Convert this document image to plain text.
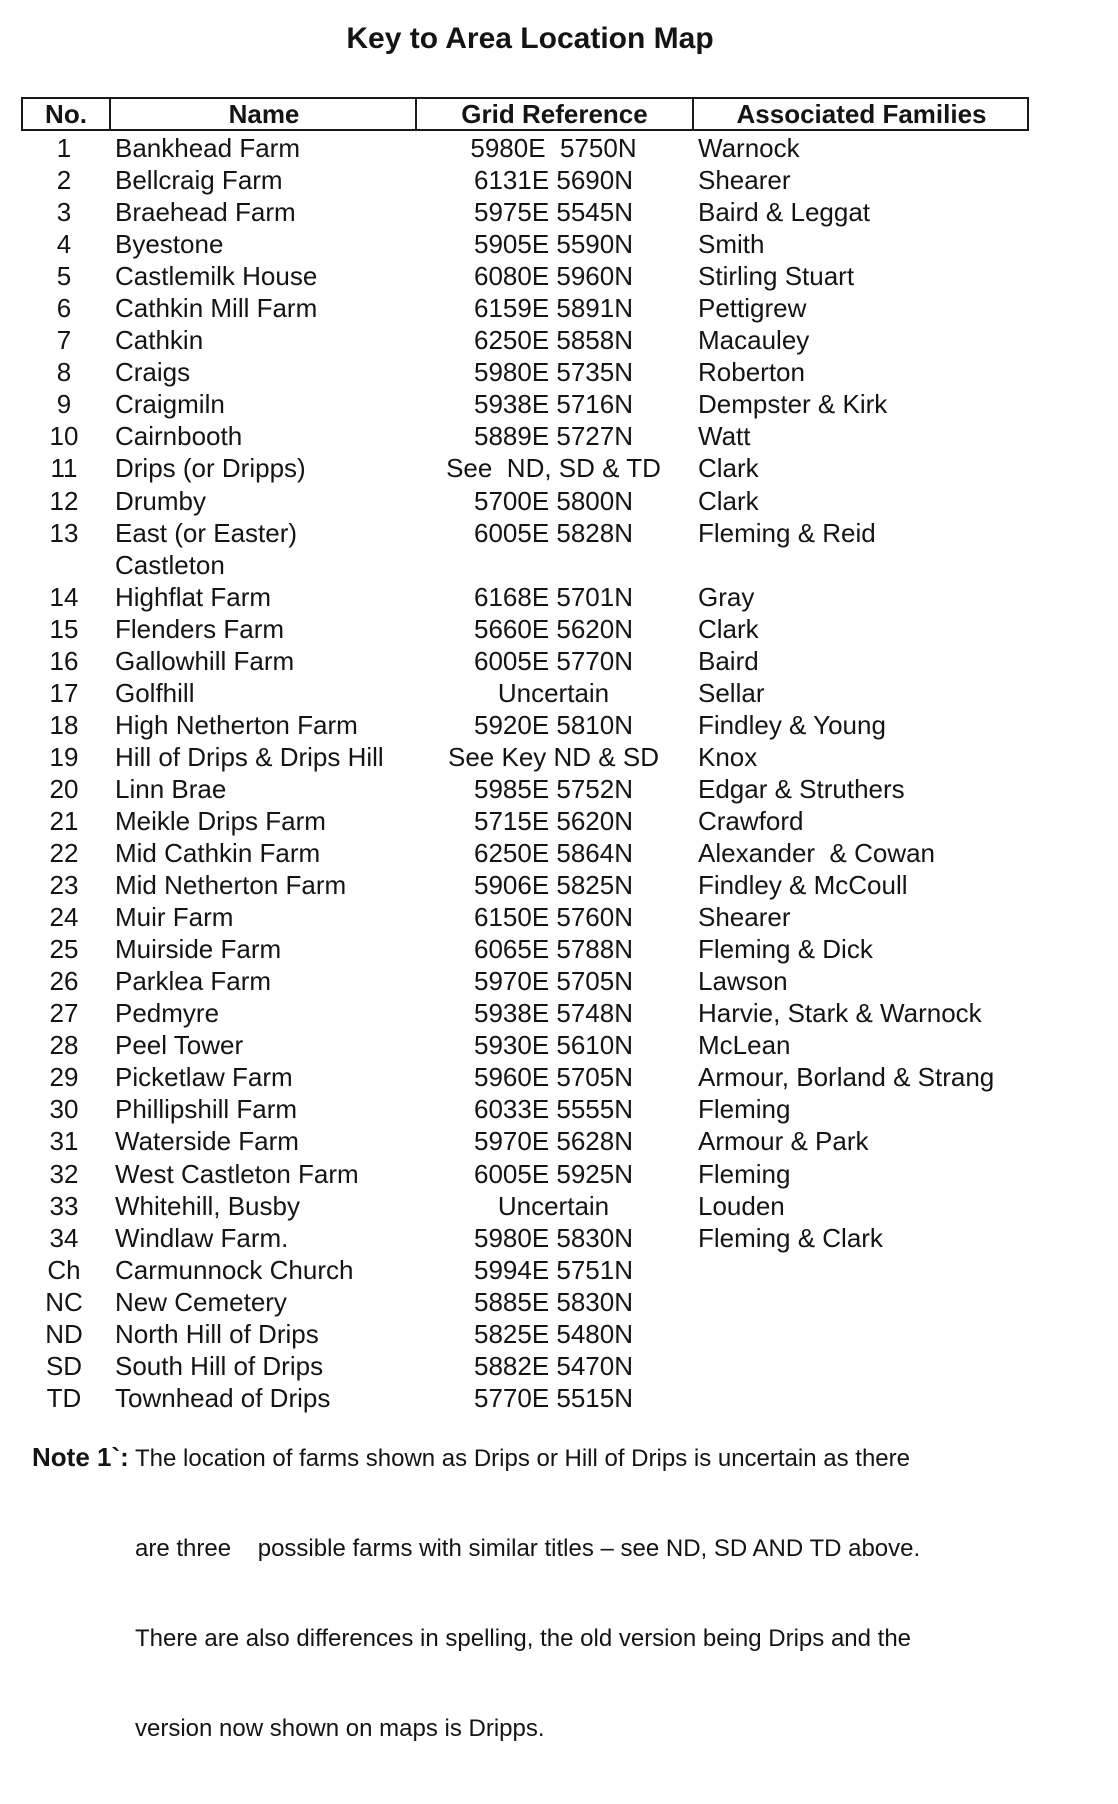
Key to Area Location Map
No.	Name	Grid Reference	Associated Families
1	Bankhead Farm	5980E  5750N	Warnock
2	Bellcraig Farm	6131E 5690N	Shearer
3	Braehead Farm	5975E 5545N	Baird & Leggat
4	Byestone	5905E 5590N	Smith
5	Castlemilk House	6080E 5960N	Stirling Stuart
6	Cathkin Mill Farm	6159E 5891N	Pettigrew
7	Cathkin	6250E 5858N	Macauley
8	Craigs	5980E 5735N	Roberton
9	Craigmiln	5938E 5716N	Dempster & Kirk
10	Cairnbooth	5889E 5727N	Watt
11	Drips (or Dripps)	See  ND, SD & TD	Clark
12	Drumby	5700E 5800N	Clark
13	East (or Easter)	6005E 5828N	Fleming & Reid
Castleton
14	Highflat Farm	6168E 5701N	Gray
15	Flenders Farm	5660E 5620N	Clark
16	Gallowhill Farm	6005E 5770N	Baird
17	Golfhill	Uncertain	Sellar
18	High Netherton Farm	5920E 5810N	Findley & Young
19	Hill of Drips & Drips Hill	See Key ND & SD	Knox
20	Linn Brae	5985E 5752N	Edgar & Struthers
21	Meikle Drips Farm	5715E 5620N	Crawford
22	Mid Cathkin Farm	6250E 5864N	Alexander  & Cowan
23	Mid Netherton Farm	5906E 5825N	Findley & McCoull
24	Muir Farm	6150E 5760N	Shearer
25	Muirside Farm	6065E 5788N	Fleming & Dick
26	Parklea Farm	5970E 5705N	Lawson
27	Pedmyre	5938E 5748N	Harvie, Stark & Warnock
28	Peel Tower	5930E 5610N	McLean
29	Picketlaw Farm	5960E 5705N	Armour, Borland & Strang
30	Phillipshill Farm	6033E 5555N	Fleming
31	Waterside Farm	5970E 5628N	Armour & Park
32	West Castleton Farm	6005E 5925N	Fleming
33	Whitehill, Busby	Uncertain	Louden
34	Windlaw Farm.	5980E 5830N	Fleming & Clark
Ch	Carmunnock Church	5994E 5751N
NC	New Cemetery	5885E 5830N
ND	North Hill of Drips	5825E 5480N
SD	South Hill of Drips	5882E 5470N
TD	Townhead of Drips	5770E 5515N
Note 1`: The location of farms shown as Drips or Hill of Drips is uncertain as there

are three    possible farms with similar titles – see ND, SD AND TD above.

There are also differences in spelling, the old version being Drips and the

version now shown on maps is Dripps.
